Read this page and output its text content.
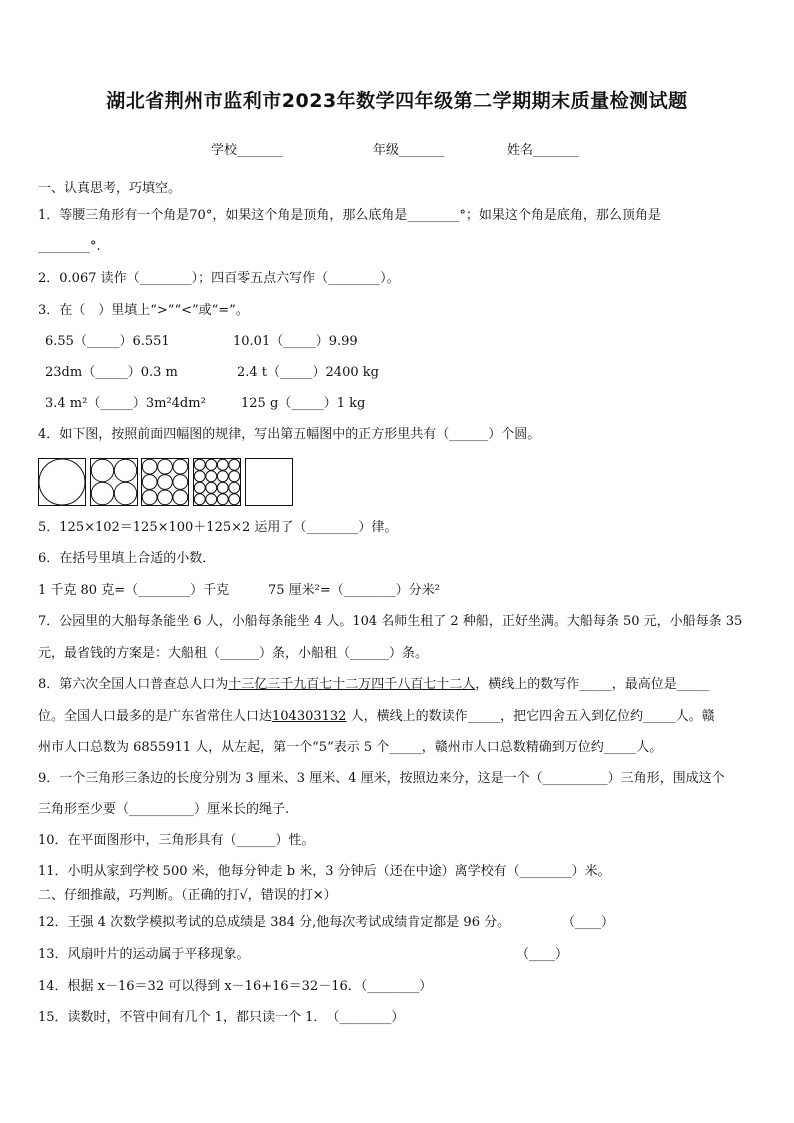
湖北省荆州市监利市2023年数学四年级第二学期期末质量检测试题
学校_______	年级_______	姓名_______
一、认真思考，巧填空。
1．等腰三角形有一个角是70°，如果这个角是顶角，那么底角是________°；如果这个角是底角，那么顶角是
________°.
2．0.067 读作（________）；四百零五点六写作（________）。
3．在（　）里填上“>”“<”或“=”。
6.55（_____）6.551	10.01（_____）9.99
23dm（_____）0.3 m	2.4 t（_____）2400 kg
3.4 m²（_____）3m²4dm²	125 g（_____）1 kg
4．如下图，按照前面四幅图的规律，写出第五幅图中的正方形里共有（______）个圆。
5．125×102＝125×100＋125×2 运用了（________）律。
6．在括号里填上合适的小数．
1 千克 80 克=（________）千克	75 厘米²=（________）分米²
7．公园里的大船每条能坐 6 人，小船每条能坐 4 人。104 名师生租了 2 种船，正好坐满。大船每条 50 元，小船每条 35
元，最省钱的方案是：大船租（______）条，小船租（______）条。
8．第六次全国人口普查总人口为十三亿三千九百七十二万四千八百七十二人，横线上的数写作_____，最高位是_____
位。全国人口最多的是广东省常住人口达104303132 人，横线上的数读作_____，把它四舍五入到亿位约_____人。赣
州市人口总数为 6855911 人，从左起，第一个“5”表示 5 个_____，赣州市人口总数精确到万位约_____人。
9．一个三角形三条边的长度分别为 3 厘米、3 厘米、4 厘米，按照边来分，这是一个（__________）三角形，围成这个
三角形至少要（__________）厘米长的绳子.
10．在平面图形中，三角形具有（______）性。
11．小明从家到学校 500 米，他每分钟走 b 米，3 分钟后（还在中途）离学校有（________）米。
二、仔细推敲，巧判断。（正确的打√，错误的打×）
12．王强 4 次数学模拟考试的总成绩是 384 分,他每次考试成绩肯定都是 96 分。	（____）
13．风扇叶片的运动属于平移现象。	（____）
14．根据 x－16＝32 可以得到 x－16+16＝32－16．（________）
15．读数时，不管中间有几个 1，都只读一个 1．　（________）
